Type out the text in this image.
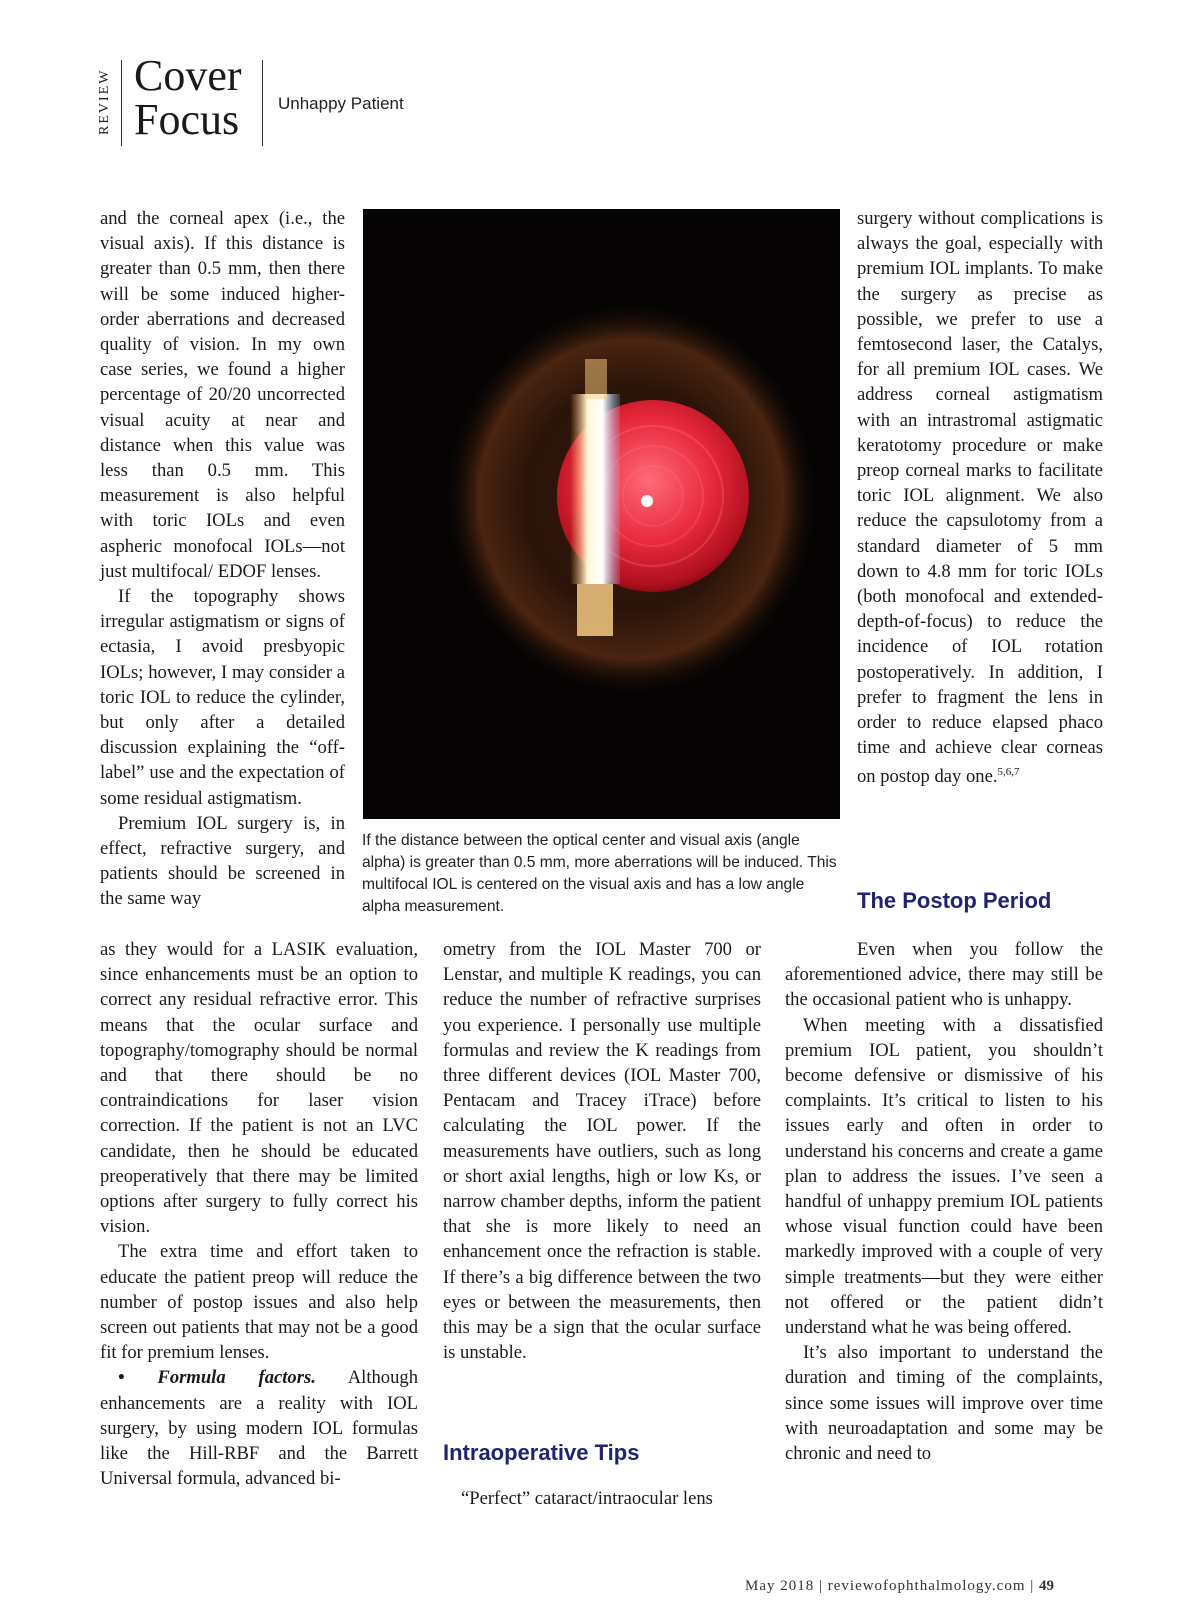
REVIEW Cover
Focus Unhappy Patient

and the corneal apex (i.e., the visual axis). If this distance is greater than 0.5 mm, then there will be some induced higher-order aberrations and decreased quality of vision. In my own case series, we found a higher percentage of 20/20 uncorrected visual acuity at near and distance when this value was less than 0.5 mm. This measurement is also helpful with toric IOLs and even aspheric monofocal IOLs—not just multifocal/ EDOF lenses.

If the topography shows irregular astigmatism or signs of ectasia, I avoid presbyopic IOLs; however, I may consider a toric IOL to reduce the cylinder, but only after a detailed discussion explaining the “off-label” use and the expectation of some residual astigmatism.

Premium IOL surgery is, in effect, refractive surgery, and patients should be screened in the same way

If the distance between the optical center and visual axis (angle alpha) is greater than 0.5 mm, more aberrations will be induced. This multifocal IOL is centered on the visual axis and has a low angle alpha measurement.

as they would for a LASIK evaluation, since enhancements must be an option to correct any residual refractive error. This means that the ocular surface and topography/tomography should be normal and that there should be no contraindications for laser vision correction. If the patient is not an LVC candidate, then he should be educated preoperatively that there may be limited options after surgery to fully correct his vision.

The extra time and effort taken to educate the patient preop will reduce the number of postop issues and also help screen out patients that may not be a good fit for premium lenses.

• Formula factors. Although enhancements are a reality with IOL surgery, by using modern IOL formulas like the Hill-RBF and the Barrett Universal formula, advanced bi-

ometry from the IOL Master 700 or Lenstar, and multiple K readings, you can reduce the number of refractive surprises you experience. I personally use multiple formulas and review the K readings from three different devices (IOL Master 700, Pentacam and Tracey iTrace) before calculating the IOL power. If the measurements have outliers, such as long or short axial lengths, high or low Ks, or narrow chamber depths, inform the patient that she is more likely to need an enhancement once the refraction is stable. If there’s a big difference between the two eyes or between the measurements, then this may be a sign that the ocular surface is unstable.

Intraoperative Tips

“Perfect” cataract/intraocular lens

surgery without complications is always the goal, especially with premium IOL implants. To make the surgery as precise as possible, we prefer to use a femtosecond laser, the Catalys, for all premium IOL cases. We address corneal astigmatism with an intrastromal astigmatic keratotomy procedure or make preop corneal marks to facilitate toric IOL alignment. We also reduce the capsulotomy from a standard diameter of 5 mm down to 4.8 mm for toric IOLs (both monofocal and extended-depth-of-focus) to reduce the incidence of IOL rotation postoperatively. In addition, I prefer to fragment the lens in order to reduce elapsed phaco time and achieve clear corneas on postop day one.$^{5,6,7}$

The Postop Period

Even when you follow the aforementioned advice, there may still be the occasional patient who is unhappy.

When meeting with a dissatisfied premium IOL patient, you shouldn’t become defensive or dismissive of his complaints. It’s critical to listen to his issues early and often in order to understand his concerns and create a game plan to address the issues. I’ve seen a handful of unhappy premium IOL patients whose visual function could have been markedly improved with a couple of very simple treatments—but they were either not offered or the patient didn’t understand what he was being offered.

It’s also important to understand the duration and timing of the complaints, since some issues will improve over time with neuroadaptation and some may be chronic and need to

May 2018 | reviewofophthalmology.com | 49
